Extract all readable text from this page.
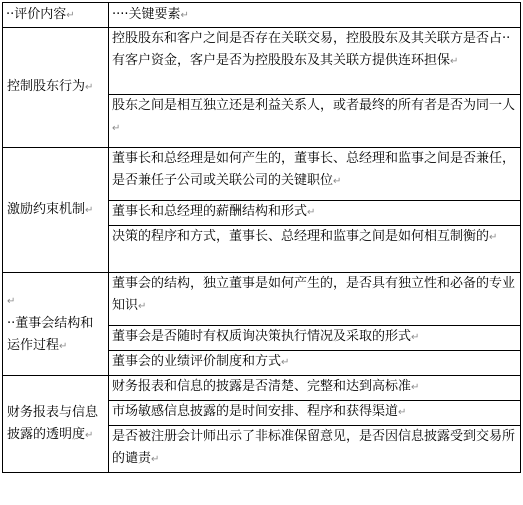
··评价内容↵	····关键要素↵
控制股东行为↵	控股股东和客户之间是否存在关联交易，控股股东及其关联方是否占··有客户资金，客户是否为控股股东及其关联方提供连环担保↵
	股东之间是相互独立还是利益关系人，或者最终的所有者是否为同一人↵
激励约束机制↵	董事长和总经理是如何产生的，董事长、总经理和监事之间是否兼任，是否兼任子公司或关联公司的关键职位↵
	董事长和总经理的薪酬结构和形式↵
	决策的程序和方式，董事长、总经理和监事之间是如何相互制衡的↵
↵
··董事会结构和运作过程↵	董事会的结构，独立董事是如何产生的，是否具有独立性和必备的专业知识↵
	董事会是否随时有权质询决策执行情况及采取的形式↵
	董事会的业绩评价制度和方式↵
财务报表与信息披露的透明度↵	财务报表和信息的披露是否清楚、完整和达到高标准↵
	市场敏感信息披露的是时间安排、程序和获得渠道↵
	是否被注册会计师出示了非标准保留意见，是否因信息披露受到交易所的谴责↵
